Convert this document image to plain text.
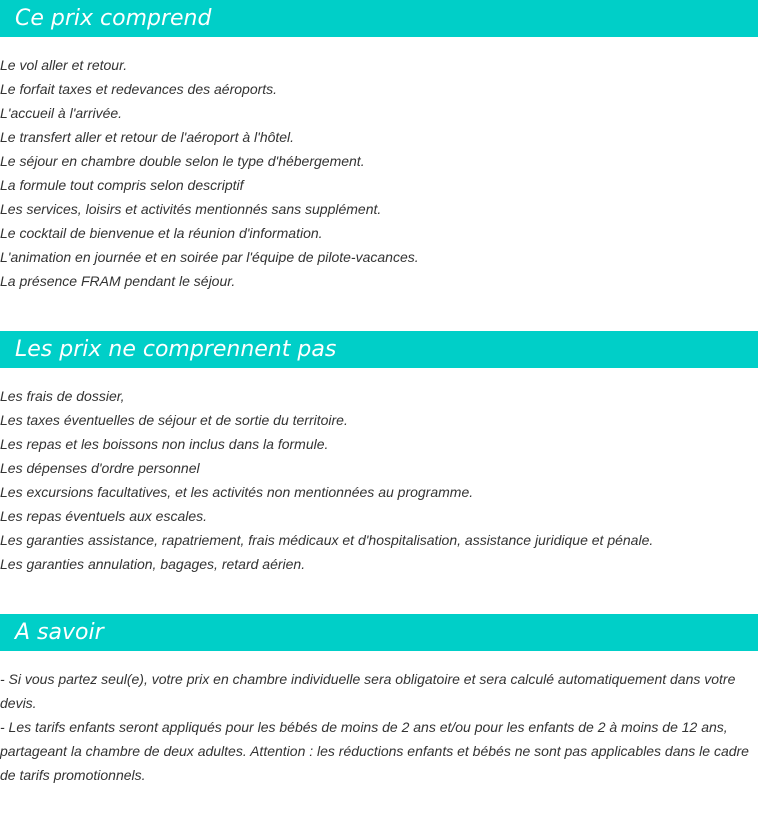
Ce prix comprend
Le vol aller et retour.
Le forfait taxes et redevances des aéroports.
L'accueil à l'arrivée.
Le transfert aller et retour de l'aéroport à l'hôtel.
Le séjour en chambre double selon le type d'hébergement.
La formule tout compris selon descriptif
Les services, loisirs et activités mentionnés sans supplément.
Le cocktail de bienvenue et la réunion d'information.
L'animation en journée et en soirée par l'équipe de pilote-vacances.
La présence FRAM pendant le séjour.
Les prix ne comprennent pas
Les frais de dossier,
Les taxes éventuelles de séjour et de sortie du territoire.
Les repas et les boissons non inclus dans la formule.
Les dépenses d'ordre personnel
Les excursions facultatives, et les activités non mentionnées au programme.
Les repas éventuels aux escales.
Les garanties assistance, rapatriement, frais médicaux et d'hospitalisation, assistance juridique et pénale.
Les garanties annulation, bagages, retard aérien.
A savoir

- Si vous partez seul(e), votre prix en chambre individuelle sera obligatoire et sera calculé automatiquement dans votre devis.

- Les tarifs enfants seront appliqués pour les bébés de moins de 2 ans et/ou pour les enfants de 2 à moins de 12 ans, partageant la chambre de deux adultes. Attention : les réductions enfants et bébés ne sont pas applicables dans le cadre de tarifs promotionnels.
